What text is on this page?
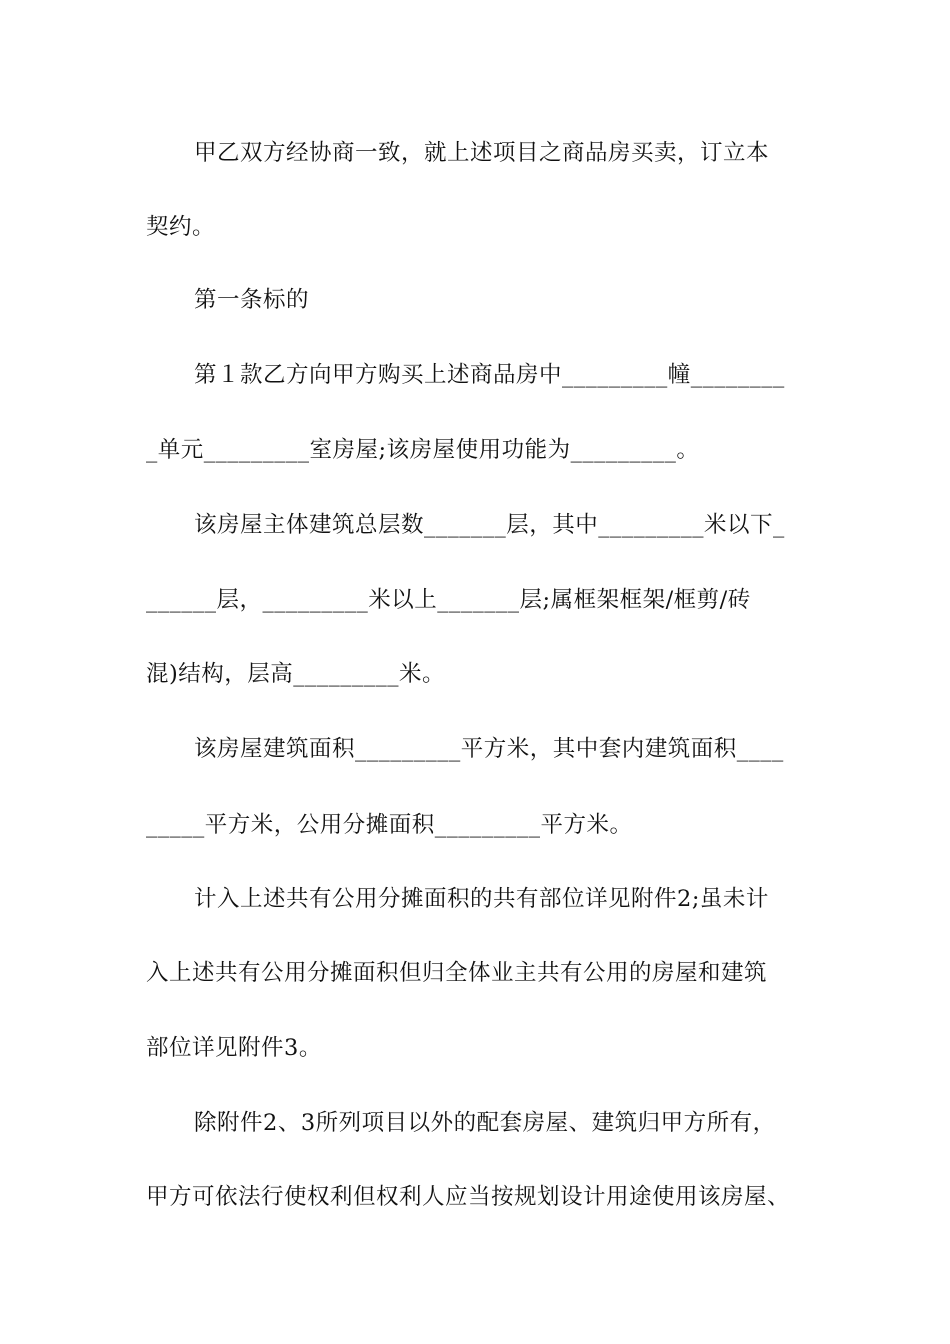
甲乙双方经协商一致，就上述项目之商品房买卖，订立本
契约。
第一条标的
第１款乙方向甲方购买上述商品房中_________幢________
_单元_________室房屋;该房屋使用功能为_________。
该房屋主体建筑总层数_______层，其中_________米以下_
______层，_________米以上_______层;属框架框架/框剪/砖
混)结构，层高_________米。
该房屋建筑面积_________平方米，其中套内建筑面积____
_____平方米，公用分摊面积_________平方米。
计入上述共有公用分摊面积的共有部位详见附件2;虽未计
入上述共有公用分摊面积但归全体业主共有公用的房屋和建筑
部位详见附件3。
除附件2、3所列项目以外的配套房屋、建筑归甲方所有，
甲方可依法行使权利但权利人应当按规划设计用途使用该房屋、
